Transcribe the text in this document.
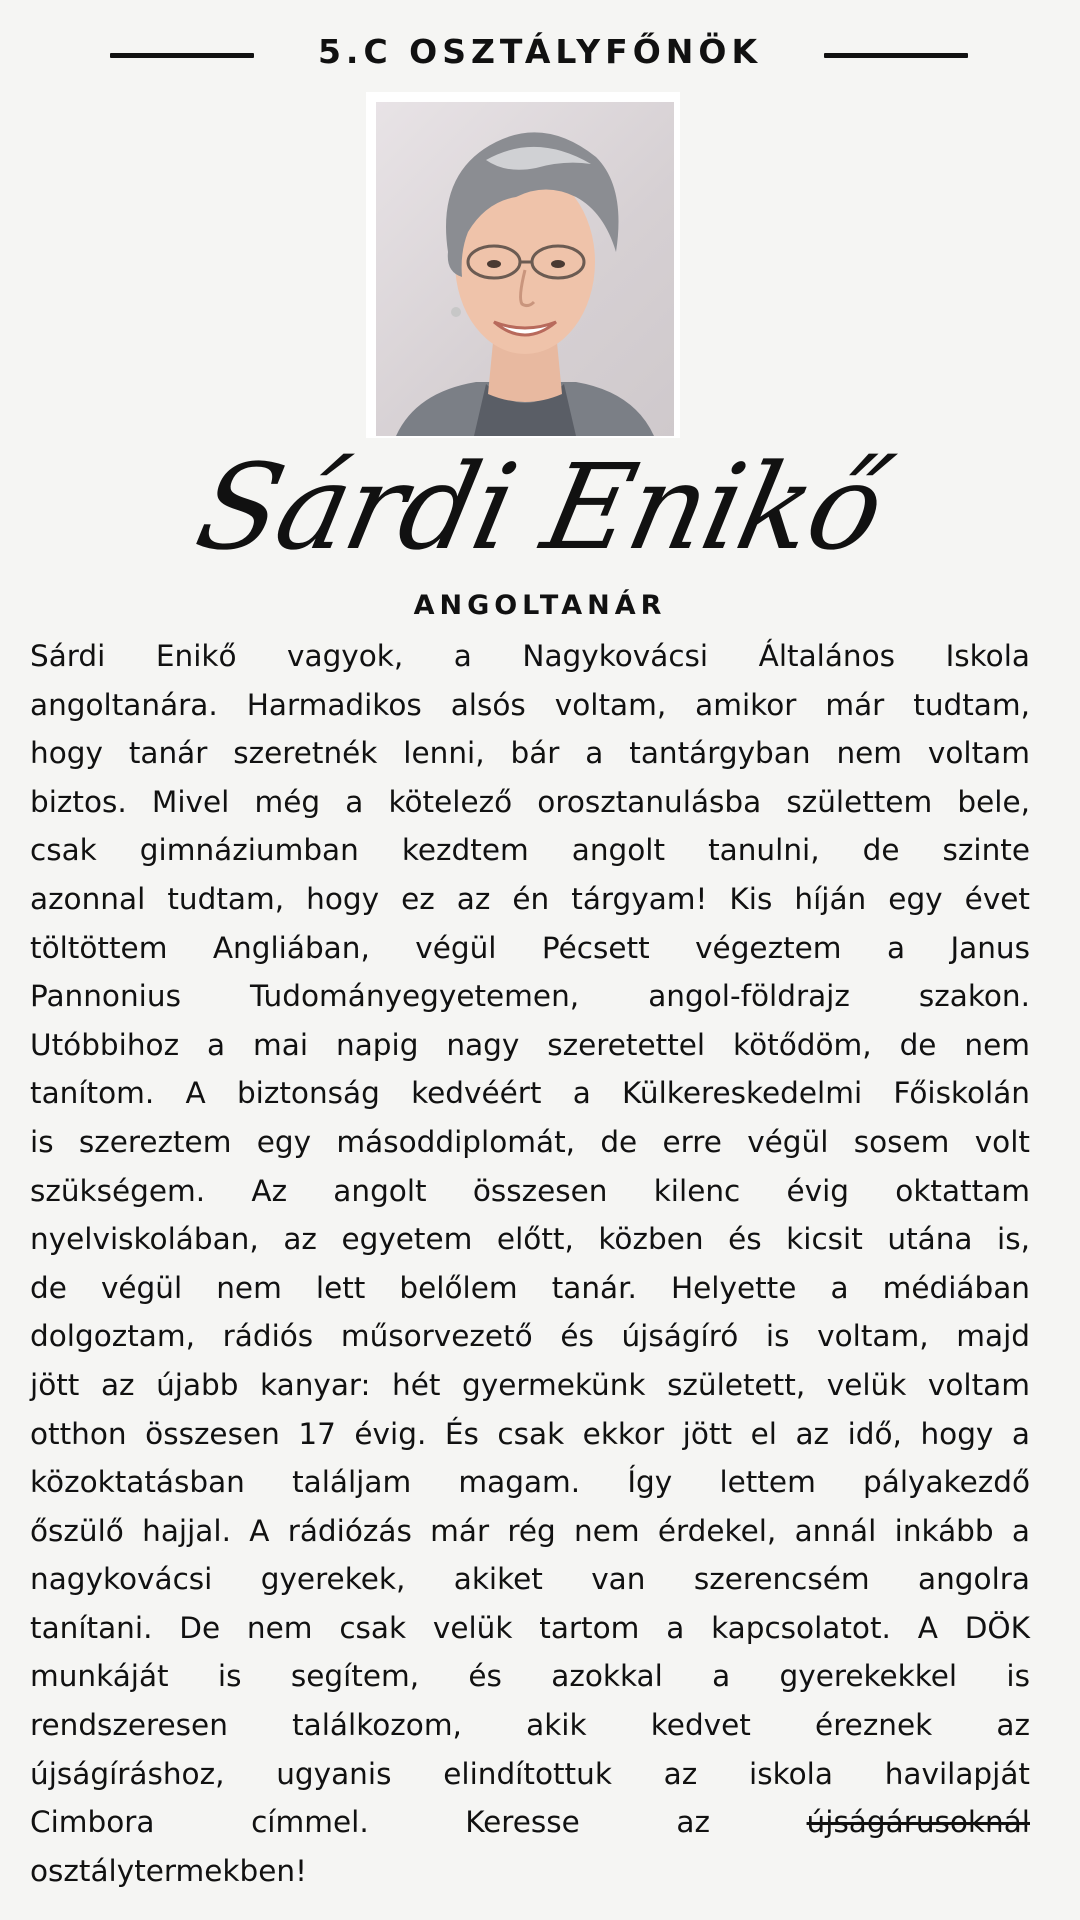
5.C OSZTÁLYFŐNÖK
Sárdi Enikő
ANGOLTANÁR
Sárdi Enikő vagyok, a Nagykovácsi Általános Iskola
angoltanára. Harmadikos alsós voltam, amikor már tudtam,
hogy tanár szeretnék lenni, bár a tantárgyban nem voltam
biztos. Mivel még a kötelező orosztanulásba születtem bele,
csak gimnáziumban kezdtem angolt tanulni, de szinte
azonnal tudtam, hogy ez az én tárgyam! Kis híján egy évet
töltöttem Angliában, végül Pécsett végeztem a Janus
Pannonius Tudományegyetemen, angol-földrajz szakon.
Utóbbihoz a mai napig nagy szeretettel kötődöm, de nem
tanítom. A biztonság kedvéért a Külkereskedelmi Főiskolán
is szereztem egy másoddiplomát, de erre végül sosem volt
szükségem. Az angolt összesen kilenc évig oktattam
nyelviskolában, az egyetem előtt, közben és kicsit utána is,
de végül nem lett belőlem tanár. Helyette a médiában
dolgoztam, rádiós műsorvezető és újságíró is voltam, majd
jött az újabb kanyar: hét gyermekünk született, velük voltam
otthon összesen 17 évig. És csak ekkor jött el az idő, hogy a
közoktatásban találjam magam. Így lettem pályakezdő
őszülő hajjal. A rádiózás már rég nem érdekel, annál inkább a
nagykovácsi gyerekek, akiket van szerencsém angolra
tanítani. De nem csak velük tartom a kapcsolatot. A DÖK
munkáját is segítem, és azokkal a gyerekekkel is
rendszeresen találkozom, akik kedvet éreznek az
újságíráshoz, ugyanis elindítottuk az iskola havilapját
Cimbora címmel. Keresse az	újságárusoknál
osztálytermekben!
